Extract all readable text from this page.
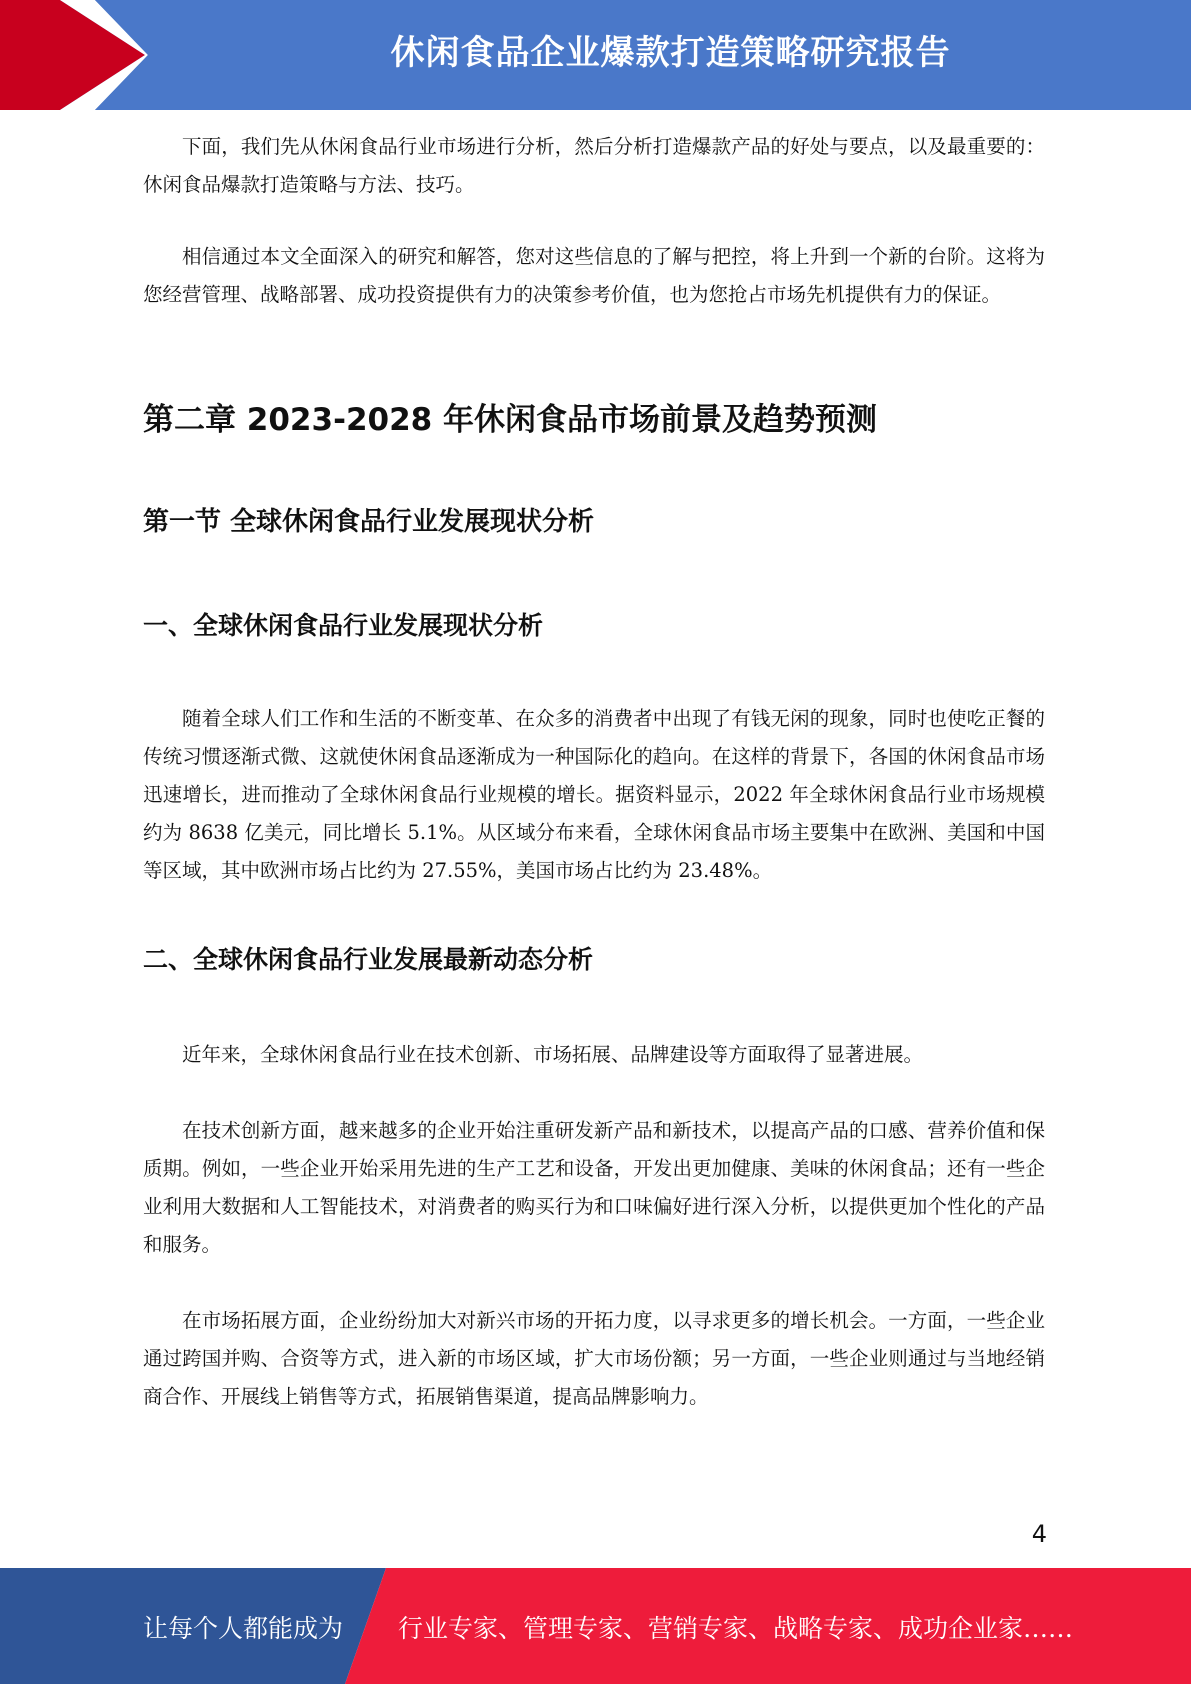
休闲食品企业爆款打造策略研究报告

下面，我们先从休闲食品行业市场进行分析，然后分析打造爆款产品的好处与要点，以及最重要的：休闲食品爆款打造策略与方法、技巧。

相信通过本文全面深入的研究和解答，您对这些信息的了解与把控，将上升到一个新的台阶。这将为您经营管理、战略部署、成功投资提供有力的决策参考价值，也为您抢占市场先机提供有力的保证。

第二章 2023-2028 年休闲食品市场前景及趋势预测
第一节 全球休闲食品行业发展现状分析
一、全球休闲食品行业发展现状分析

随着全球人们工作和生活的不断变革、在众多的消费者中出现了有钱无闲的现象，同时也使吃正餐的传统习惯逐渐式微、这就使休闲食品逐渐成为一种国际化的趋向。在这样的背景下，各国的休闲食品市场迅速增长，进而推动了全球休闲食品行业规模的增长。据资料显示，2022 年全球休闲食品行业市场规模约为 8638 亿美元，同比增长 5.1%。从区域分布来看，全球休闲食品市场主要集中在欧洲、美国和中国等区域，其中欧洲市场占比约为 27.55%，美国市场占比约为 23.48%。

二、全球休闲食品行业发展最新动态分析

近年来，全球休闲食品行业在技术创新、市场拓展、品牌建设等方面取得了显著进展。

在技术创新方面，越来越多的企业开始注重研发新产品和新技术，以提高产品的口感、营养价值和保质期。例如，一些企业开始采用先进的生产工艺和设备，开发出更加健康、美味的休闲食品；还有一些企业利用大数据和人工智能技术，对消费者的购买行为和口味偏好进行深入分析，以提供更加个性化的产品和服务。

在市场拓展方面，企业纷纷加大对新兴市场的开拓力度，以寻求更多的增长机会。一方面，一些企业通过跨国并购、合资等方式，进入新的市场区域，扩大市场份额；另一方面，一些企业则通过与当地经销商合作、开展线上销售等方式，拓展销售渠道，提高品牌影响力。

4
让每个人都能成为 行业专家、管理专家、营销专家、战略专家、成功企业家……
